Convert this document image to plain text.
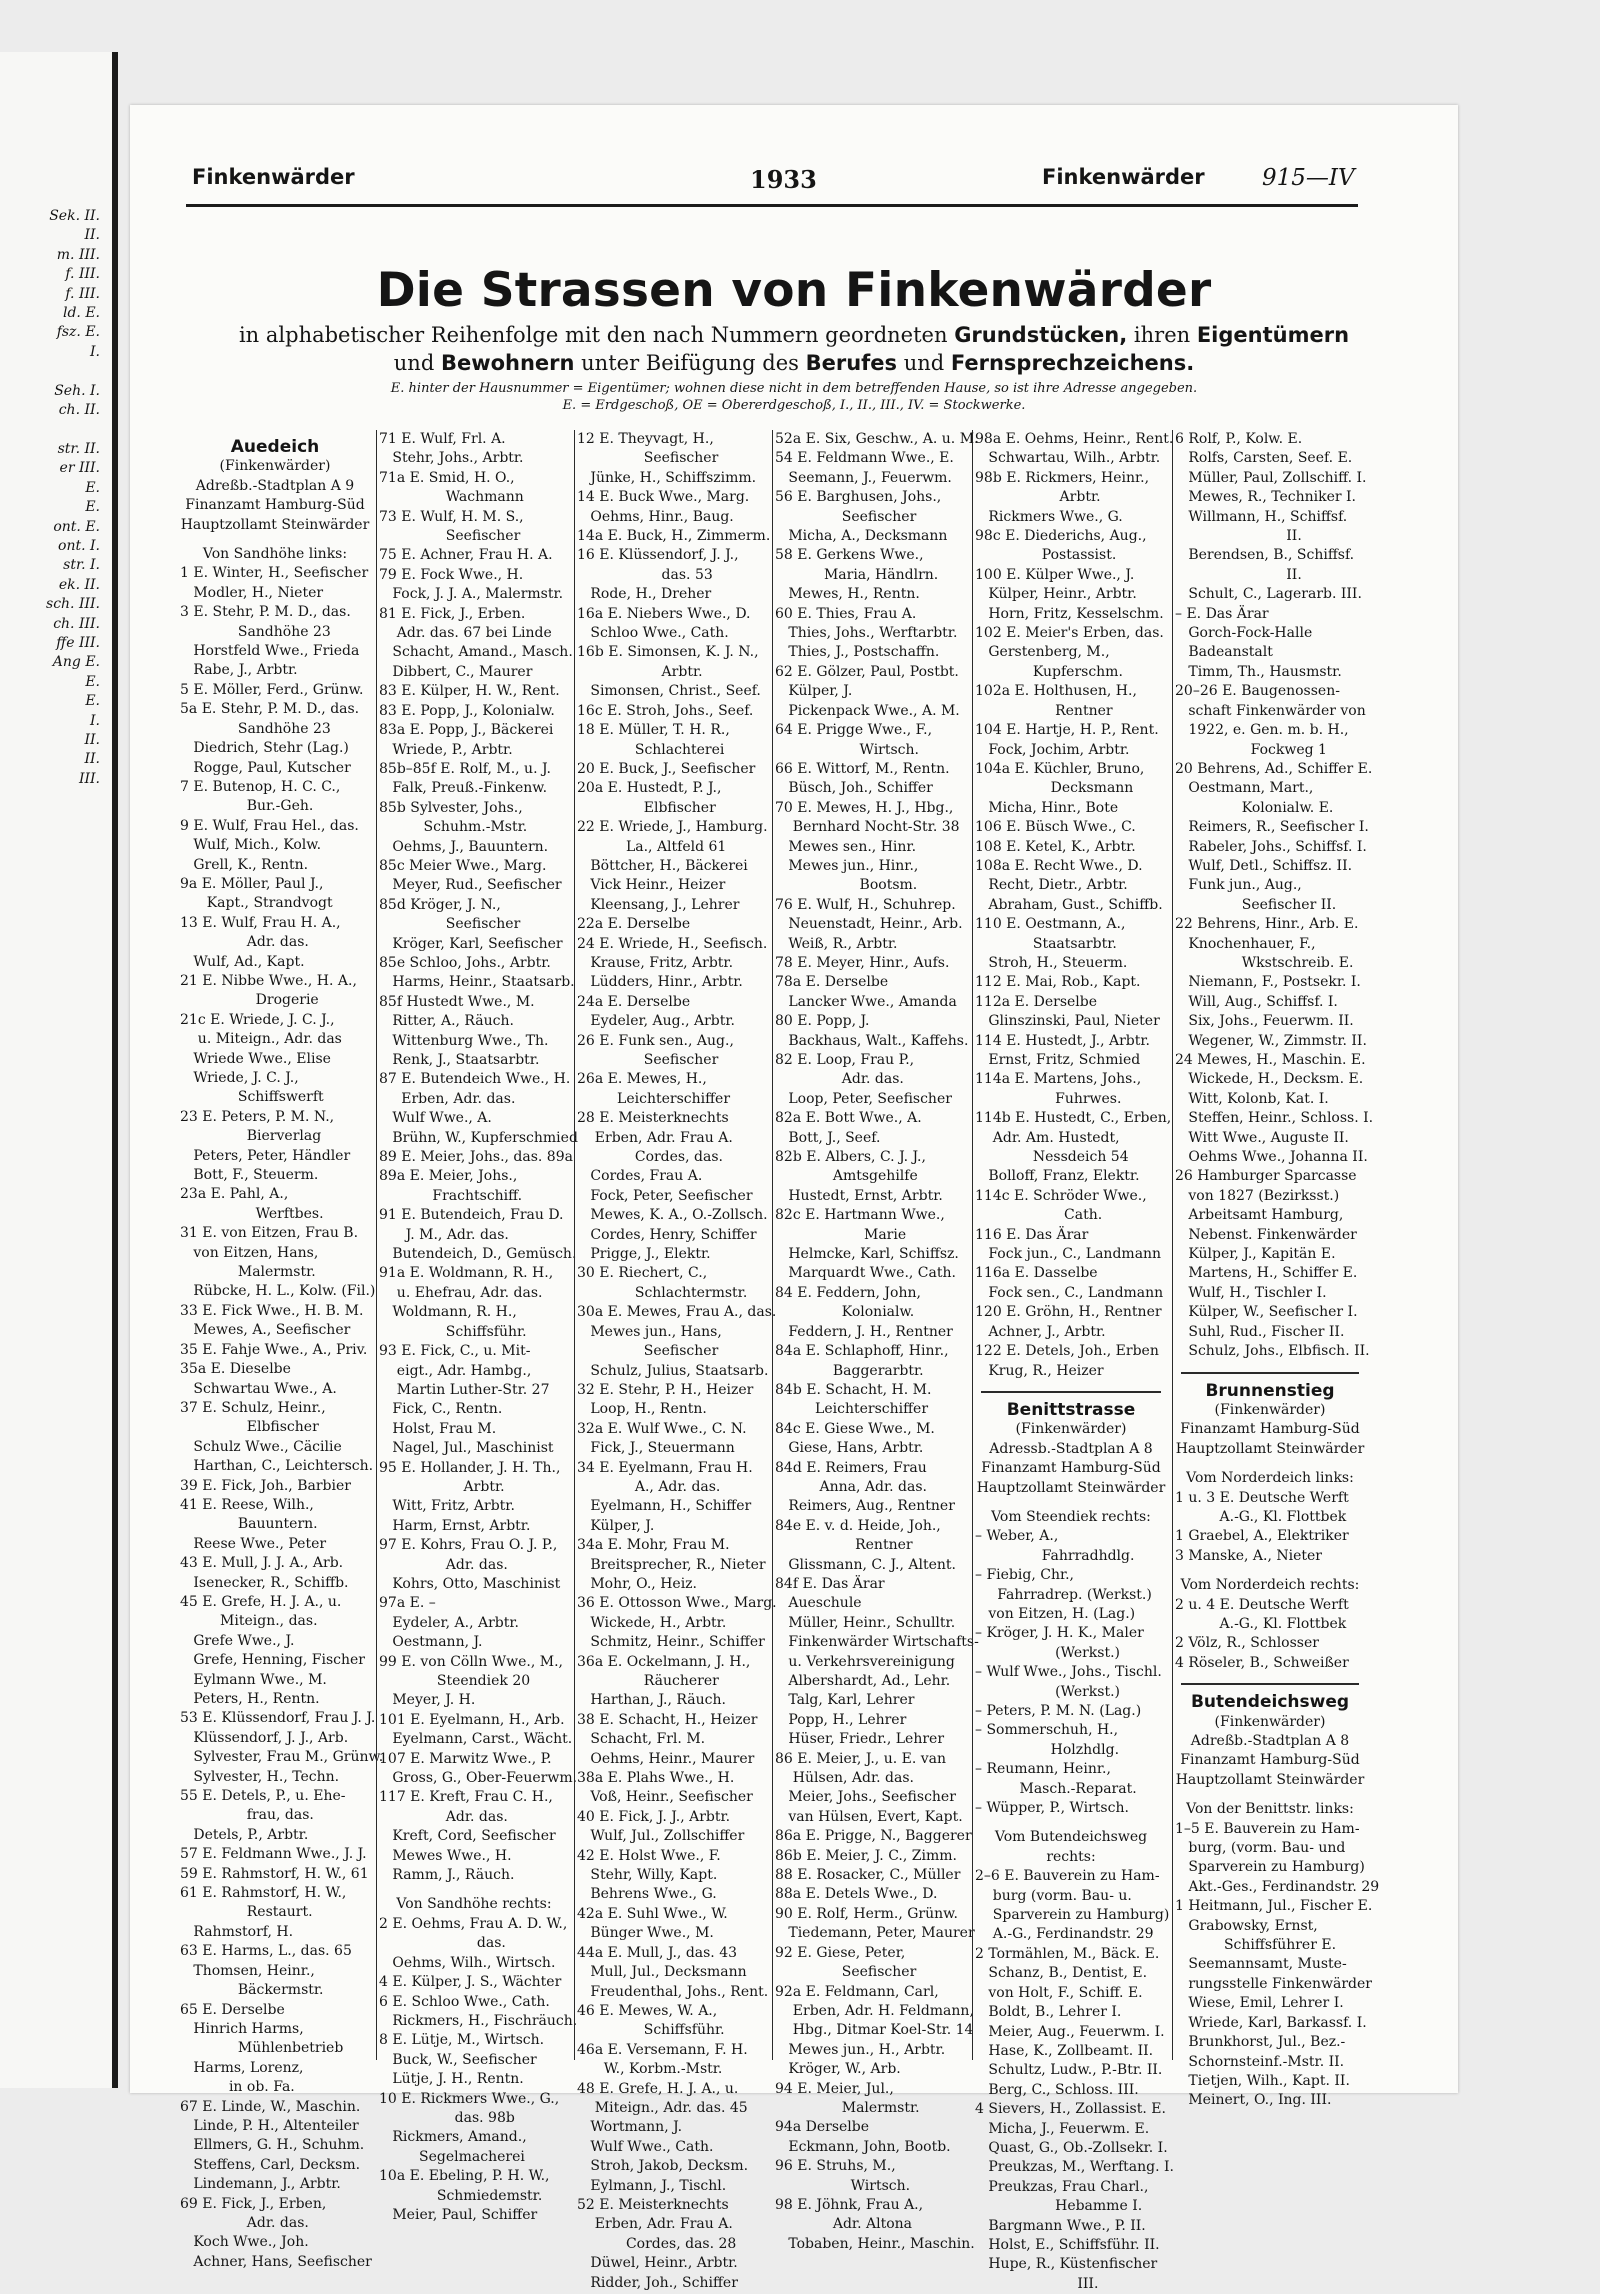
Sek. II.
II.
m. III.
f. III.
f. III.
ld. E.
fsz. E.
I.

Seh. I.
ch. II.

str. II.
er III.
E.
E.
ont. E.
ont. I.
str. I.
ek. II.
sch. III.
ch. III.
ffe III.
Ang E.
E.
E.
I.
II.
II.
III.
Finkenwärder	1933	Finkenwärder 915—IV
Die Strassen von Finkenwärder
in alphabetischer Reihenfolge mit den nach Nummern geordneten Grundstücken, ihren Eigentümern
und Bewohnern unter Beifügung des Berufes und Fernsprechzeichens.
E. hinter der Hausnummer = Eigentümer; wohnen diese nicht in dem betreffenden Hause, so ist ihre Adresse angegeben.
E. = Erdgeschoß, OE = Obererdgeschoß, I., II., III., IV. = Stockwerke.
Auedeich
(Finkenwärder)
Adreßb.-Stadtplan A 9
Finanzamt Hamburg-Süd
Hauptzollamt Steinwärder
Von Sandhöhe links:
1 E. Winter, H., Seefischer
Modler, H., Nieter
3 E. Stehr, P. M. D., das.
Sandhöhe 23
Horstfeld Wwe., Frieda
Rabe, J., Arbtr.
5 E. Möller, Ferd., Grünw.
5a E. Stehr, P. M. D., das.
Sandhöhe 23
Diedrich, Stehr (Lag.)
Rogge, Paul, Kutscher
7 E. Butenop, H. C. C.,
Bur.-Geh.
9 E. Wulf, Frau Hel., das.
Wulf, Mich., Kolw.
Grell, K., Rentn.
9a E. Möller, Paul J.,
Kapt., Strandvogt
13 E. Wulf, Frau H. A.,
Adr. das.
Wulf, Ad., Kapt.
21 E. Nibbe Wwe., H. A.,
Drogerie
21c E. Wriede, J. C. J.,
u. Miteign., Adr. das
Wriede Wwe., Elise
Wriede, J. C. J.,
Schiffswerft
23 E. Peters, P. M. N.,
Bierverlag
Peters, Peter, Händler
Bott, F., Steuerm.
23a E. Pahl, A.,
Werftbes.
31 E. von Eitzen, Frau B.
von Eitzen, Hans,
Malermstr.
Rübcke, H. L., Kolw. (Fil.)
33 E. Fick Wwe., H. B. M.
Mewes, A., Seefischer
35 E. Fahje Wwe., A., Priv.
35a E. Dieselbe
Schwartau Wwe., A.
37 E. Schulz, Heinr.,
Elbfischer
Schulz Wwe., Cäcilie
Harthan, C., Leichtersch.
39 E. Fick, Joh., Barbier
41 E. Reese, Wilh.,
Bauuntern.
Reese Wwe., Peter
43 E. Mull, J. J. A., Arb.
Isenecker, R., Schiffb.
45 E. Grefe, H. J. A., u.
Miteign., das.
Grefe Wwe., J.
Grefe, Henning, Fischer
Eylmann Wwe., M.
Peters, H., Rentn.
53 E. Klüssendorf, Frau J. J.
Klüssendorf, J. J., Arb.
Sylvester, Frau M., Grünw.
Sylvester, H., Techn.
55 E. Detels, P., u. Ehe-
frau, das.
Detels, P., Arbtr.
57 E. Feldmann Wwe., J. J.
59 E. Rahmstorf, H. W., 61
61 E. Rahmstorf, H. W.,
Restaurt.
Rahmstorf, H.
63 E. Harms, L., das. 65
Thomsen, Heinr.,
Bäckermstr.
65 E. Derselbe
Hinrich Harms,
Mühlenbetrieb
Harms, Lorenz,
in ob. Fa.
67 E. Linde, W., Maschin.
Linde, P. H., Altenteiler
Ellmers, G. H., Schuhm.
Steffens, Carl, Decksm.
Lindemann, J., Arbtr.
69 E. Fick, J., Erben,
Adr. das.
Koch Wwe., Joh.
Achner, Hans, Seefischer
71 E. Wulf, Frl. A.
Stehr, Johs., Arbtr.
71a E. Smid, H. O.,
Wachmann
73 E. Wulf, H. M. S.,
Seefischer
75 E. Achner, Frau H. A.
79 E. Fock Wwe., H.
Fock, J. J. A., Malermstr.
81 E. Fick, J., Erben.
Adr. das. 67 bei Linde
Schacht, Amand., Masch.
Dibbert, C., Maurer
83 E. Külper, H. W., Rent.
83 E. Popp, J., Kolonialw.
83a E. Popp, J., Bäckerei
Wriede, P., Arbtr.
85b–85f E. Rolf, M., u. J.
Falk, Preuß.-Finkenw.
85b Sylvester, Johs.,
Schuhm.-Mstr.
Oehms, J., Bauuntern.
85c Meier Wwe., Marg.
Meyer, Rud., Seefischer
85d Kröger, J. N.,
Seefischer
Kröger, Karl, Seefischer
85e Schloo, Johs., Arbtr.
Harms, Heinr., Staatsarb.
85f Hustedt Wwe., M.
Ritter, A., Räuch.
Wittenburg Wwe., Th.
Renk, J., Staatsarbtr.
87 E. Butendeich Wwe., H.
Erben, Adr. das.
Wulf Wwe., A.
Brühn, W., Kupferschmied
89 E. Meier, Johs., das. 89a
89a E. Meier, Johs.,
Frachtschiff.
91 E. Butendeich, Frau D.
J. M., Adr. das.
Butendeich, D., Gemüsch.
91a E. Woldmann, R. H.,
u. Ehefrau, Adr. das.
Woldmann, R. H.,
Schiffsführ.
93 E. Fick, C., u. Mit-
eigt., Adr. Hambg.,
Martin Luther-Str. 27
Fick, C., Rentn.
Holst, Frau M.
Nagel, Jul., Maschinist
95 E. Hollander, J. H. Th.,
Arbtr.
Witt, Fritz, Arbtr.
Harm, Ernst, Arbtr.
97 E. Kohrs, Frau O. J. P.,
Adr. das.
Kohrs, Otto, Maschinist
97a E. –
Eydeler, A., Arbtr.
Oestmann, J.
99 E. von Cölln Wwe., M.,
Steendiek 20
Meyer, J. H.
101 E. Eyelmann, H., Arb.
Eyelmann, Carst., Wächt.
107 E. Marwitz Wwe., P.
Gross, G., Ober-Feuerwm.
117 E. Kreft, Frau C. H.,
Adr. das.
Kreft, Cord, Seefischer
Mewes Wwe., H.
Ramm, J., Räuch.
Von Sandhöhe rechts:
2 E. Oehms, Frau A. D. W.,
das.
Oehms, Wilh., Wirtsch.
4 E. Külper, J. S., Wächter
6 E. Schloo Wwe., Cath.
Rickmers, H., Fischräuch.
8 E. Lütje, M., Wirtsch.
Buck, W., Seefischer
Lütje, J. H., Rentn.
10 E. Rickmers Wwe., G.,
das. 98b
Rickmers, Amand.,
Segelmacherei
10a E. Ebeling, P. H. W.,
Schmiedemstr.
Meier, Paul, Schiffer
12 E. Theyvagt, H.,
Seefischer
Jünke, H., Schiffszimm.
14 E. Buck Wwe., Marg.
Oehms, Hinr., Baug.
14a E. Buck, H., Zimmerm.
16 E. Klüssendorf, J. J.,
das. 53
Rode, H., Dreher
16a E. Niebers Wwe., D.
Schloo Wwe., Cath.
16b E. Simonsen, K. J. N.,
Arbtr.
Simonsen, Christ., Seef.
16c E. Stroh, Johs., Seef.
18 E. Müller, T. H. R.,
Schlachterei
20 E. Buck, J., Seefischer
20a E. Hustedt, P. J.,
Elbfischer
22 E. Wriede, J., Hamburg.
La., Altfeld 61
Böttcher, H., Bäckerei
Vick Heinr., Heizer
Kleensang, J., Lehrer
22a E. Derselbe
24 E. Wriede, H., Seefisch.
Krause, Fritz, Arbtr.
Lüdders, Hinr., Arbtr.
24a E. Derselbe
Eydeler, Aug., Arbtr.
26 E. Funk sen., Aug.,
Seefischer
26a E. Mewes, H.,
Leichterschiffer
28 E. Meisterknechts
Erben, Adr. Frau A.
Cordes, das.
Cordes, Frau A.
Fock, Peter, Seefischer
Mewes, K. A., O.-Zollsch.
Cordes, Henry, Schiffer
Prigge, J., Elektr.
30 E. Riechert, C.,
Schlachtermstr.
30a E. Mewes, Frau A., das.
Mewes jun., Hans,
Seefischer
Schulz, Julius, Staatsarb.
32 E. Stehr, P. H., Heizer
Loop, H., Rentn.
32a E. Wulf Wwe., C. N.
Fick, J., Steuermann
34 E. Eyelmann, Frau H.
A., Adr. das.
Eyelmann, H., Schiffer
Külper, J.
34a E. Mohr, Frau M.
Breitsprecher, R., Nieter
Mohr, O., Heiz.
36 E. Ottosson Wwe., Marg.
Wickede, H., Arbtr.
Schmitz, Heinr., Schiffer
36a E. Ockelmann, J. H.,
Räucherer
Harthan, J., Räuch.
38 E. Schacht, H., Heizer
Schacht, Frl. M.
Oehms, Heinr., Maurer
38a E. Plahs Wwe., H.
Voß, Heinr., Seefischer
40 E. Fick, J. J., Arbtr.
Wulf, Jul., Zollschiffer
42 E. Holst Wwe., F.
Stehr, Willy, Kapt.
Behrens Wwe., G.
42a E. Suhl Wwe., W.
Bünger Wwe., M.
44a E. Mull, J., das. 43
Mull, Jul., Decksmann
Freudenthal, Johs., Rent.
46 E. Mewes, W. A.,
Schiffsführ.
46a E. Versemann, F. H.
W., Korbm.-Mstr.
48 E. Grefe, H. J. A., u.
Miteign., Adr. das. 45
Wortmann, J.
Wulf Wwe., Cath.
Stroh, Jakob, Decksm.
Eylmann, J., Tischl.
52 E. Meisterknechts
Erben, Adr. Frau A.
Cordes, das. 28
Düwel, Heinr., Arbtr.
Ridder, Joh., Schiffer
52a E. Six, Geschw., A. u. M.
54 E. Feldmann Wwe., E.
Seemann, J., Feuerwm.
56 E. Barghusen, Johs.,
Seefischer
Micha, A., Decksmann
58 E. Gerkens Wwe.,
Maria, Händlrn.
Mewes, H., Rentn.
60 E. Thies, Frau A.
Thies, Johs., Werftarbtr.
Thies, J., Postschaffn.
62 E. Gölzer, Paul, Postbt.
Külper, J.
Pickenpack Wwe., A. M.
64 E. Prigge Wwe., F.,
Wirtsch.
66 E. Wittorf, M., Rentn.
Büsch, Joh., Schiffer
70 E. Mewes, H. J., Hbg.,
Bernhard Nocht-Str. 38
Mewes sen., Hinr.
Mewes jun., Hinr.,
Bootsm.
76 E. Wulf, H., Schuhrep.
Neuenstadt, Heinr., Arb.
Weiß, R., Arbtr.
78 E. Meyer, Hinr., Aufs.
78a E. Derselbe
Lancker Wwe., Amanda
80 E. Popp, J.
Backhaus, Walt., Kaffehs.
82 E. Loop, Frau P.,
Adr. das.
Loop, Peter, Seefischer
82a E. Bott Wwe., A.
Bott, J., Seef.
82b E. Albers, C. J. J.,
Amtsgehilfe
Hustedt, Ernst, Arbtr.
82c E. Hartmann Wwe.,
Marie
Helmcke, Karl, Schiffsz.
Marquardt Wwe., Cath.
84 E. Feddern, John,
Kolonialw.
Feddern, J. H., Rentner
84a E. Schlaphoff, Hinr.,
Baggerarbtr.
84b E. Schacht, H. M.
Leichterschiffer
84c E. Giese Wwe., M.
Giese, Hans, Arbtr.
84d E. Reimers, Frau
Anna, Adr. das.
Reimers, Aug., Rentner
84e E. v. d. Heide, Joh.,
Rentner
Glissmann, C. J., Altent.
84f E. Das Ärar
Aueschule
Müller, Heinr., Schulltr.
Finkenwärder Wirtschafts-
u. Verkehrsvereinigung
Albershardt, Ad., Lehr.
Talg, Karl, Lehrer
Popp, H., Lehrer
Hüser, Friedr., Lehrer
86 E. Meier, J., u. E. van
Hülsen, Adr. das.
Meier, Johs., Seefischer
van Hülsen, Evert, Kapt.
86a E. Prigge, N., Baggerer
86b E. Meier, J. C., Zimm.
88 E. Rosacker, C., Müller
88a E. Detels Wwe., D.
90 E. Rolf, Herm., Grünw.
Tiedemann, Peter, Maurer
92 E. Giese, Peter,
Seefischer
92a E. Feldmann, Carl,
Erben, Adr. H. Feldmann,
Hbg., Ditmar Koel-Str. 14
Mewes jun., H., Arbtr.
Kröger, W., Arb.
94 E. Meier, Jul.,
Malermstr.
94a Derselbe
Eckmann, John, Bootb.
96 E. Struhs, M.,
Wirtsch.
98 E. Jöhnk, Frau A.,
Adr. Altona
Tobaben, Heinr., Maschin.
98a E. Oehms, Heinr., Rent.
Schwartau, Wilh., Arbtr.
98b E. Rickmers, Heinr.,
Arbtr.
Rickmers Wwe., G.
98c E. Diederichs, Aug.,
Postassist.
100 E. Külper Wwe., J.
Külper, Heinr., Arbtr.
Horn, Fritz, Kesselschm.
102 E. Meier's Erben, das.
Gerstenberg, M.,
Kupferschm.
102a E. Holthusen, H.,
Rentner
104 E. Hartje, H. P., Rent.
Fock, Jochim, Arbtr.
104a E. Küchler, Bruno,
Decksmann
Micha, Hinr., Bote
106 E. Büsch Wwe., C.
108 E. Ketel, K., Arbtr.
108a E. Recht Wwe., D.
Recht, Dietr., Arbtr.
Abraham, Gust., Schiffb.
110 E. Oestmann, A.,
Staatsarbtr.
Stroh, H., Steuerm.
112 E. Mai, Rob., Kapt.
112a E. Derselbe
Glinszinski, Paul, Nieter
114 E. Hustedt, J., Arbtr.
Ernst, Fritz, Schmied
114a E. Martens, Johs.,
Fuhrwes.
114b E. Hustedt, C., Erben,
Adr. Am. Hustedt,
Nessdeich 54
Bolloff, Franz, Elektr.
114c E. Schröder Wwe.,
Cath.
116 E. Das Ärar
Fock jun., C., Landmann
116a E. Dasselbe
Fock sen., C., Landmann
120 E. Gröhn, H., Rentner
Achner, J., Arbtr.
122 E. Detels, Joh., Erben
Krug, R., Heizer
Benittstrasse
(Finkenwärder)
Adressb.-Stadtplan A 8
Finanzamt Hamburg-Süd
Hauptzollamt Steinwärder
Vom Steendiek rechts:
– Weber, A.,
Fahrradhdlg.
– Fiebig, Chr.,
Fahrradrep. (Werkst.)
von Eitzen, H. (Lag.)
– Kröger, J. H. K., Maler
(Werkst.)
– Wulf Wwe., Johs., Tischl.
(Werkst.)
– Peters, P. M. N. (Lag.)
– Sommerschuh, H.,
Holzhdlg.
– Reumann, Heinr.,
Masch.-Reparat.
– Wüpper, P., Wirtsch.
Vom Butendeichsweg
rechts:
2–6 E. Bauverein zu Ham-
burg (vorm. Bau- u.
Sparverein zu Hamburg)
A.-G., Ferdinandstr. 29
2 Tormählen, M., Bäck. E.
Schanz, B., Dentist, E.
von Holt, F., Schiff. E.
Boldt, B., Lehrer I.
Meier, Aug., Feuerwm. I.
Hase, K., Zollbeamt. II.
Schultz, Ludw., P.-Btr. II.
Berg, C., Schloss. III.
4 Sievers, H., Zollassist. E.
Micha, J., Feuerwm. E.
Quast, G., Ob.-Zollsekr. I.
Preukzas, M., Werftang. I.
Preukzas, Frau Charl.,
Hebamme I.
Bargmann Wwe., P. II.
Holst, E., Schiffsführ. II.
Hupe, R., Küstenfischer
III.
6 Rolf, P., Kolw. E.
Rolfs, Carsten, Seef. E.
Müller, Paul, Zollschiff. I.
Mewes, R., Techniker I.
Willmann, H., Schiffsf.
II.
Berendsen, B., Schiffsf.
II.
Schult, C., Lagerarb. III.
– E. Das Ärar
Gorch-Fock-Halle
Badeanstalt
Timm, Th., Hausmstr.
20–26 E. Baugenossen-
schaft Finkenwärder von
1922, e. Gen. m. b. H.,
Fockweg 1
20 Behrens, Ad., Schiffer E.
Oestmann, Mart.,
Kolonialw. E.
Reimers, R., Seefischer I.
Rabeler, Johs., Schiffsf. I.
Wulf, Detl., Schiffsz. II.
Funk jun., Aug.,
Seefischer II.
22 Behrens, Hinr., Arb. E.
Knochenhauer, F.,
Wkstschreib. E.
Niemann, F., Postsekr. I.
Will, Aug., Schiffsf. I.
Six, Johs., Feuerwm. II.
Wegener, W., Zimmstr. II.
24 Mewes, H., Maschin. E.
Wickede, H., Decksm. E.
Witt, Kolonb, Kat. I.
Steffen, Heinr., Schloss. I.
Witt Wwe., Auguste II.
Oehms Wwe., Johanna II.
26 Hamburger Sparcasse
von 1827 (Bezirksst.)
Arbeitsamt Hamburg,
Nebenst. Finkenwärder
Külper, J., Kapitän E.
Martens, H., Schiffer E.
Wulf, H., Tischler I.
Külper, W., Seefischer I.
Suhl, Rud., Fischer II.
Schulz, Johs., Elbfisch. II.
Brunnenstieg
(Finkenwärder)
Finanzamt Hamburg-Süd
Hauptzollamt Steinwärder
Vom Norderdeich links:
1 u. 3 E. Deutsche Werft
A.-G., Kl. Flottbek
1 Graebel, A., Elektriker
3 Manske, A., Nieter
Vom Norderdeich rechts:
2 u. 4 E. Deutsche Werft
A.-G., Kl. Flottbek
2 Völz, R., Schlosser
4 Röseler, B., Schweißer
Butendeichsweg
(Finkenwärder)
Adreßb.-Stadtplan A 8
Finanzamt Hamburg-Süd
Hauptzollamt Steinwärder
Von der Benittstr. links:
1–5 E. Bauverein zu Ham-
burg, (vorm. Bau- und
Sparverein zu Hamburg)
Akt.-Ges., Ferdinandstr. 29
1 Heitmann, Jul., Fischer E.
Grabowsky, Ernst,
Schiffsführer E.
Seemannsamt, Muste-
rungsstelle Finkenwärder
Wiese, Emil, Lehrer I.
Wriede, Karl, Barkassf. I.
Brunkhorst, Jul., Bez.-
Schornsteinf.-Mstr. II.
Tietjen, Wilh., Kapt. II.
Meinert, O., Ing. III.
